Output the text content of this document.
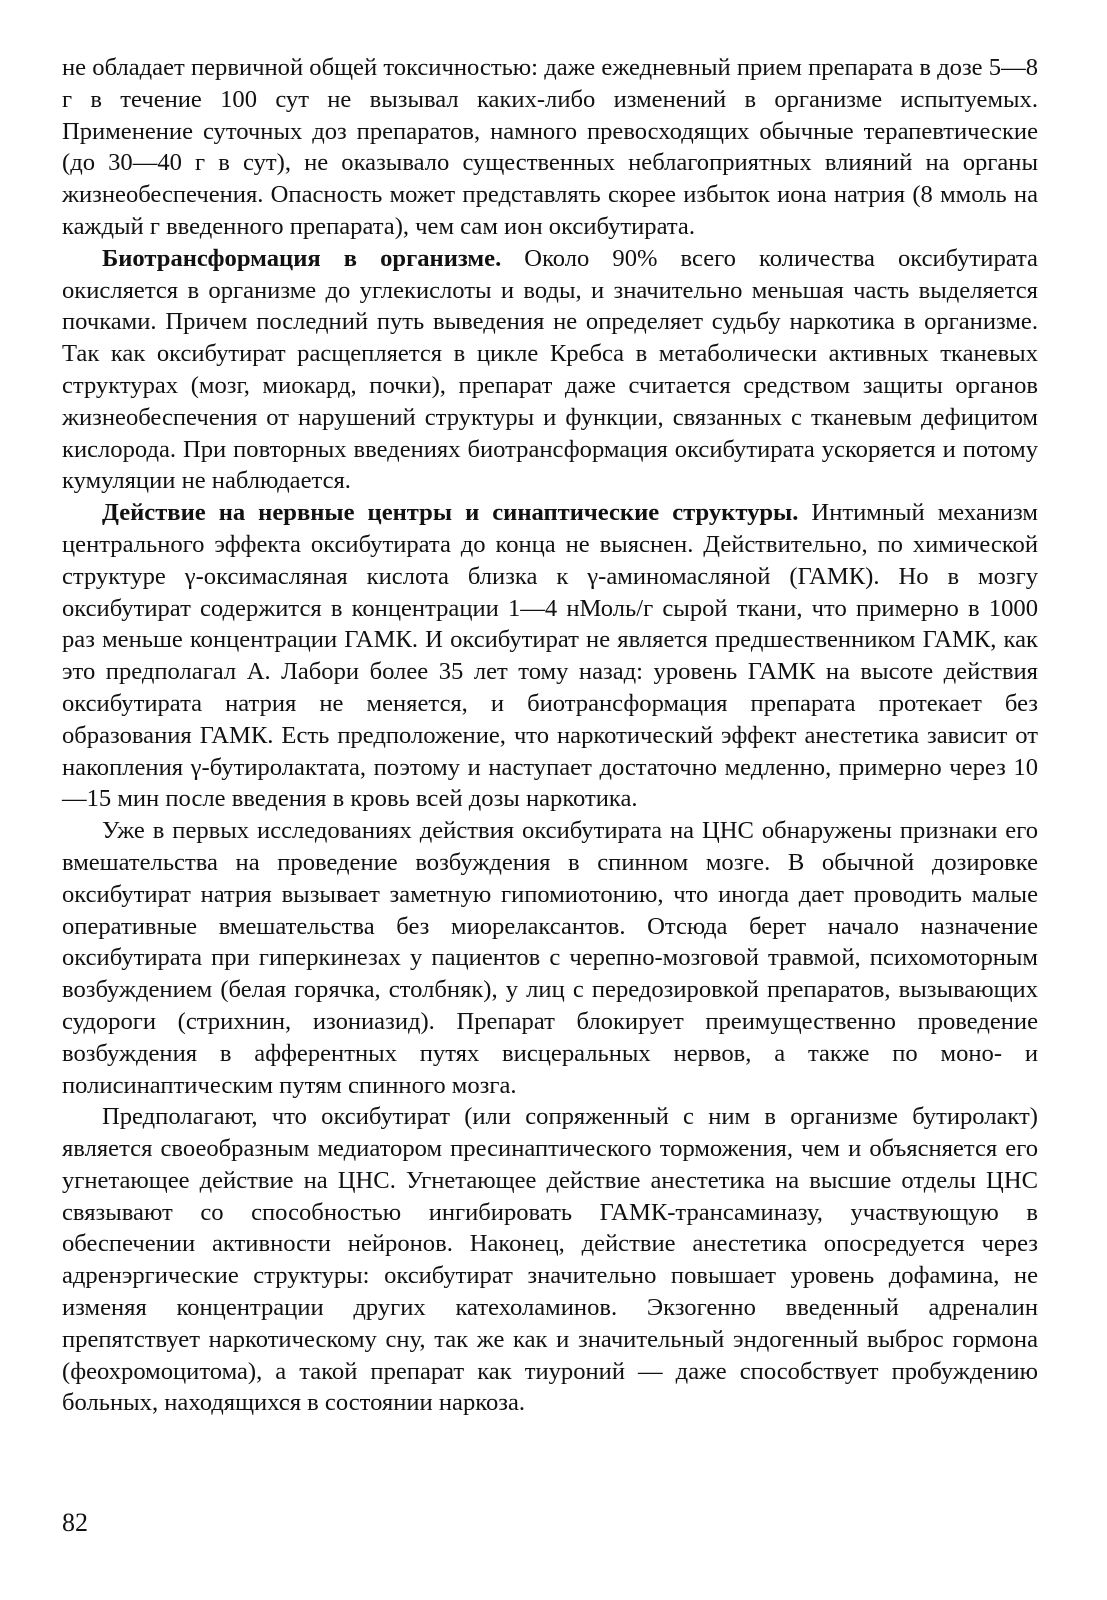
не обладает первичной общей токсичностью: даже ежедневный прием препарата в дозе 5—8 г в течение 100 сут не вызывал каких-либо изменений в организме испытуемых. Применение суточных доз препаратов, намного превосходящих обычные терапевтические (до 30—40 г в сут), не оказывало существенных неблагоприятных влияний на органы жизнеобеспечения. Опасность может представлять скорее избыток иона натрия (8 ммоль на каждый г введенного препарата), чем сам ион оксибутирата.

Биотрансформация в организме. Около 90% всего количества оксибутирата окисляется в организме до углекислоты и воды, и значительно меньшая часть выделяется почками. Причем последний путь выведения не определяет судьбу наркотика в организме. Так как оксибутират расщепляется в цикле Кребса в метаболически активных тканевых структурах (мозг, миокард, почки), препарат даже считается средством защиты органов жизнеобеспечения от нарушений структуры и функции, связанных с тканевым дефицитом кислорода. При повторных введениях биотрансформация оксибутирата ускоряется и потому кумуляции не наблюдается.

Действие на нервные центры и синаптические структуры. Интимный механизм центрального эффекта оксибутирата до конца не выяснен. Действительно, по химической структуре γ-оксимасляная кислота близка к γ-аминомасляной (ГАМК). Но в мозгу оксибутират содержится в концентрации 1—4 нМоль/г сырой ткани, что примерно в 1000 раз меньше концентрации ГАМК. И оксибутират не является предшественником ГАМК, как это предполагал А. Лабори более 35 лет тому назад: уровень ГАМК на высоте действия оксибутирата натрия не меняется, и биотрансформация препарата протекает без образования ГАМК. Есть предположение, что наркотический эффект анестетика зависит от накопления γ-бутиролактата, поэтому и наступает достаточно медленно, примерно через 10—15 мин после введения в кровь всей дозы наркотика.

Уже в первых исследованиях действия оксибутирата на ЦНС обнаружены признаки его вмешательства на проведение возбуждения в спинном мозге. В обычной дозировке оксибутират натрия вызывает заметную гипомиотонию, что иногда дает проводить малые оперативные вмешательства без миорелаксантов. Отсюда берет начало назначение оксибутирата при гиперкинезах у пациентов с черепно-мозговой травмой, психомоторным возбуждением (белая горячка, столбняк), у лиц с передозировкой препаратов, вызывающих судороги (стрихнин, изониазид). Препарат блокирует преимущественно проведение возбуждения в афферентных путях висцеральных нервов, а также по моно- и полисинаптическим путям спинного мозга.

Предполагают, что оксибутират (или сопряженный с ним в организме бутиролакт) является своеобразным медиатором пресинаптического торможения, чем и объясняется его угнетающее действие на ЦНС. Угнетающее действие анестетика на высшие отделы ЦНС связывают со способностью ингибировать ГАМК-трансаминазу, участвующую в обеспечении активности нейронов. Наконец, действие анестетика опосредуется через адренэргические структуры: оксибутират значительно повышает уровень дофамина, не изменяя концентрации других катехоламинов. Экзогенно введенный адреналин препятствует наркотическому сну, так же как и значительный эндогенный выброс гормона (феохромоцитома), а такой препарат как тиуроний — даже способствует пробуждению больных, находящихся в состоянии наркоза.

82
